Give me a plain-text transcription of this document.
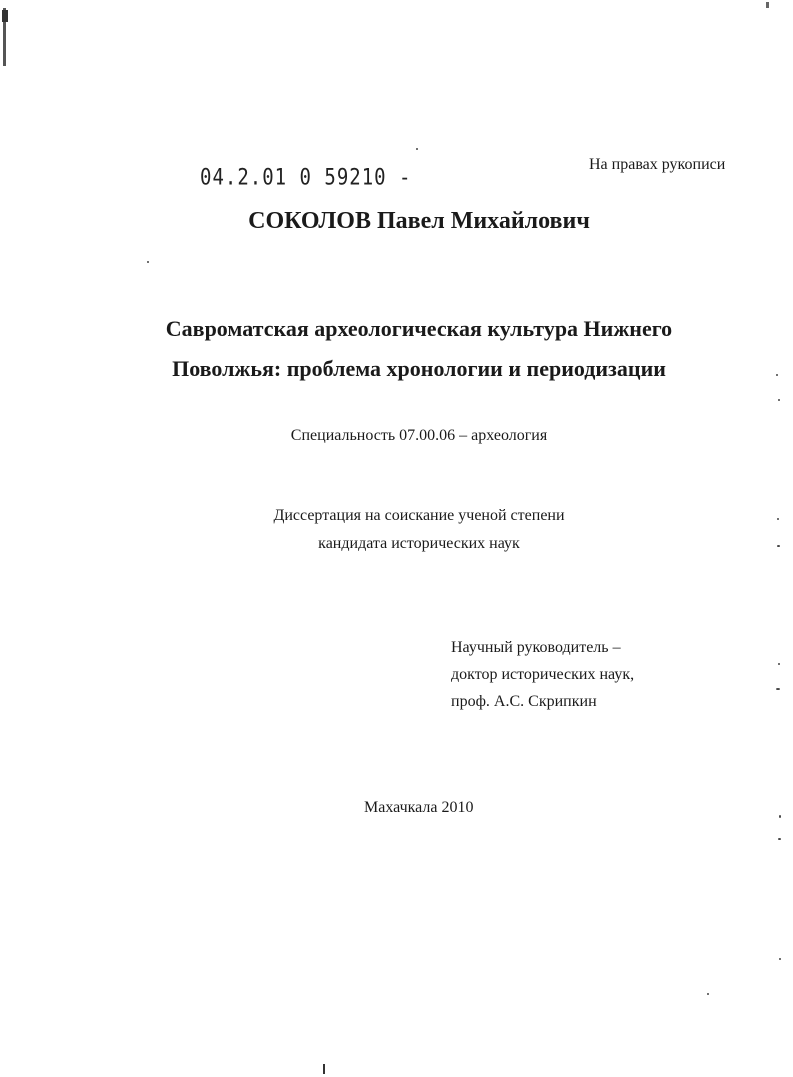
04.2.01 0 59210 -
На правах рукописи
СОКОЛОВ Павел Михайлович
Савроматская археологическая культура Нижнего
Поволжья: проблема хронологии и периодизации
Специальность 07.00.06 – археология
Диссертация на соискание ученой степени
кандидата исторических наук
Научный руководитель –
доктор исторических наук,
проф. А.С. Скрипкин
Махачкала 2010
